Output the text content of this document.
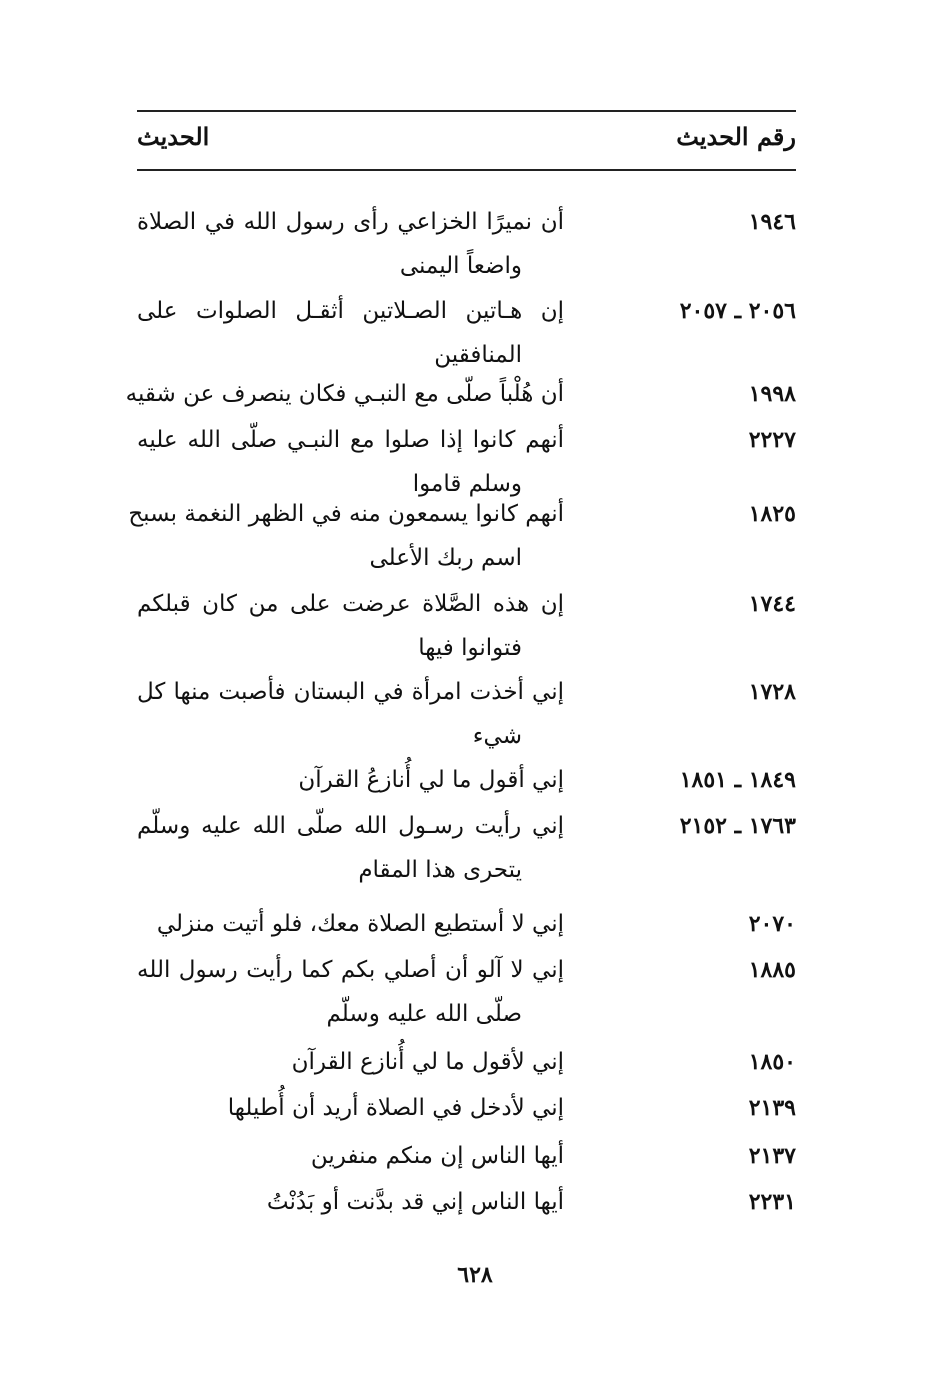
رقم الحديث
الحديث
١٩٤٦
أن نميرًا الخزاعي رأى رسول الله في الصلاة
واضعاً اليمنى
٢٠٥٦ ـ ٢٠٥٧
إن هـاتين الصـلاتين أثقـل الصلوات على
المنافقين
١٩٩٨
أن هُلْباً صلّى مع النبـي فكان ينصرف عن شقيه
٢٢٢٧
أنهم كانوا إذا صلوا مع النبـي صلّى الله عليه
وسلم قاموا
١٨٢٥
أنهم كانوا يسمعون منه في الظهر النغمة بسبح
اسم ربك الأعلى
١٧٤٤
إن هذه الصَّلاة عرضت على من كان قبلكم
فتوانوا فيها
١٧٢٨
إني أخذت امرأة في البستان فأصبت منها كل
شيء
١٨٤٩ ـ ١٨٥١
إني أقول ما لي أُنازعُ القرآن
١٧٦٣ ـ ٢١٥٢
إني رأيت رسـول الله صلّى الله عليه وسلّم
يتحرى هذا المقام
٢٠٧٠
إني لا أستطيع الصلاة معك، فلو أتيت منزلي
١٨٨٥
إني لا آلو أن أصلي بكم كما رأيت رسول الله
صلّى الله عليه وسلّم
١٨٥٠
إني لأقول ما لي أُنازع القرآن
٢١٣٩
إني لأدخل في الصلاة أريد أن أُطيلها
٢١٣٧
أيها الناس إن منكم منفرين
٢٢٣١
أيها الناس إني قد بدَّنت أو بَدُنْتُ
٦٢٨
